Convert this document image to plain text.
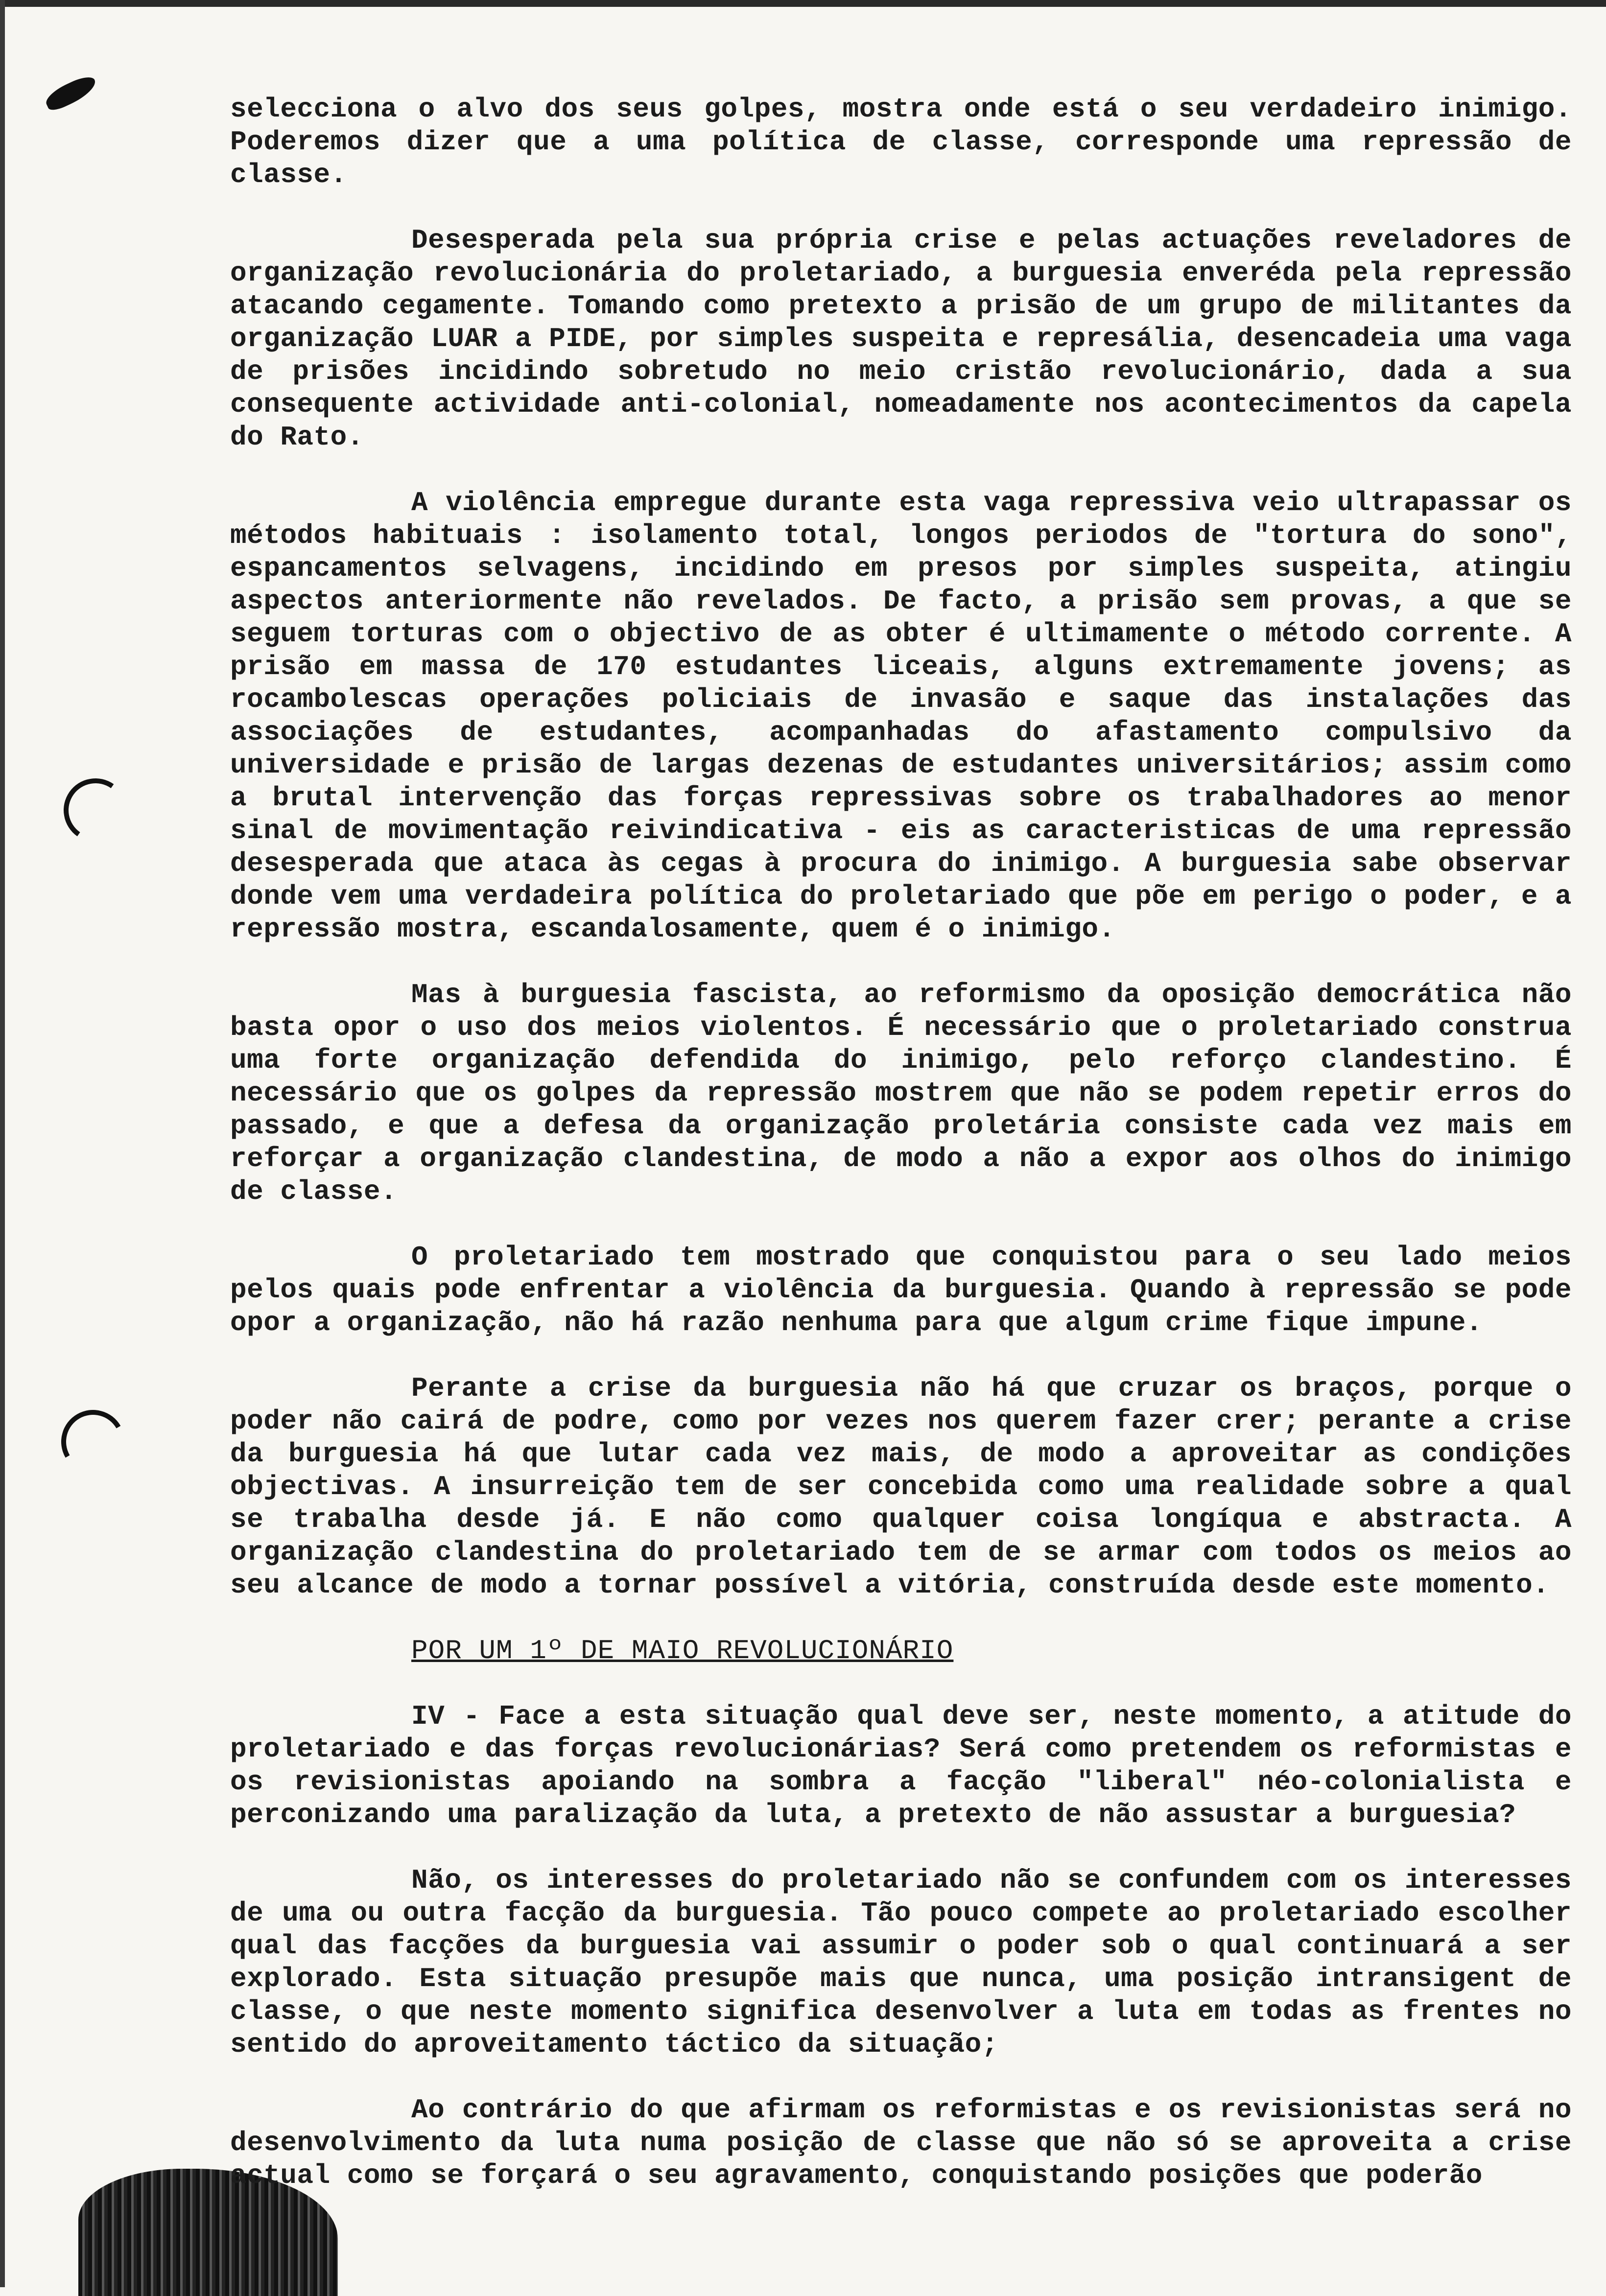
selecciona o alvo dos seus golpes, mostra onde está o seu verdadeiro inimigo. Poderemos dizer que a uma política de classe, corresponde uma repressão de classe.

Desesperada pela sua própria crise e pelas actuações reveladores de organização revolucionária do proletariado, a burguesia enveréda pela repressão atacando cegamente. Tomando como pretexto a prisão de um grupo de militantes da organização LUAR a PIDE, por simples suspeita e represália, desencadeia uma vaga de prisões incidindo sobretudo no meio cristão revolucionário, dada a sua consequente actividade anti-colonial, nomeadamente nos acontecimentos da capela do Rato.

A violência empregue durante esta vaga repressiva veio ultrapassar os métodos habituais : isolamento total, longos periodos de "tortura do sono", espancamentos selvagens, incidindo em presos por simples suspeita, atingiu aspectos anteriormente não revelados. De facto, a prisão sem provas, a que se seguem torturas com o objectivo de as obter é ultimamente o método corrente. A prisão em massa de 170 estudantes liceais, alguns extremamente jovens; as rocambolescas operações policiais de invasão e saque das instalações das associações de estudantes, acompanhadas do afastamento compulsivo da universidade e prisão de largas dezenas de estudantes universitários; assim como a brutal intervenção das forças repressivas sobre os trabalhadores ao menor sinal de movimentação reivindicativa - eis as caracteristicas de uma repressão desesperada que ataca às cegas à procura do inimigo. A burguesia sabe observar donde vem uma verdadeira política do proletariado que põe em perigo o poder, e a repressão mostra, escandalosamente, quem é o inimigo.

Mas à burguesia fascista, ao reformismo da oposição democrática não basta opor o uso dos meios violentos. É necessário que o proletariado construa uma forte organização defendida do inimigo, pelo reforço clandestino. É necessário que os golpes da repressão mostrem que não se podem repetir erros do passado, e que a defesa da organização proletária consiste cada vez mais em reforçar a organização clandestina, de modo a não a expor aos olhos do inimigo de classe.

O proletariado tem mostrado que conquistou para o seu lado meios pelos quais pode enfrentar a violência da burguesia. Quando à repressão se pode opor a organização, não há razão nenhuma para que algum crime fique impune.

Perante a crise da burguesia não há que cruzar os braços, porque o poder não cairá de podre, como por vezes nos querem fazer crer; perante a crise da burguesia há que lutar cada vez mais, de modo a aproveitar as condições objectivas. A insurreição tem de ser concebida como uma realidade sobre a qual se trabalha desde já. E não como qualquer coisa longíqua e abstracta. A organização clandestina do proletariado tem de se armar com todos os meios ao seu alcance de modo a tornar possível a vitória, construída desde este momento.

POR UM 1º DE MAIO REVOLUCIONÁRIO

IV - Face a esta situação qual deve ser, neste momento, a atitude do proletariado e das forças revolucionárias? Será como pretendem os reformistas e os revisionistas apoiando na sombra a facção "liberal" néo-colonialista e perconizando uma paralização da luta, a pretexto de não assustar a burguesia?

Não, os interesses do proletariado não se confundem com os interesses de uma ou outra facção da burguesia. Tão pouco compete ao proletariado escolher qual das facções da burguesia vai assumir o poder sob o qual continuará a ser explorado. Esta situação presupõe mais que nunca, uma posição intransigent de classe, o que neste momento significa desenvolver a luta em todas as frentes no sentido do aproveitamento táctico da situação;

Ao contrário do que afirmam os reformistas e os revisionistas será no desenvolvimento da luta numa posição de classe que não só se aproveita a crise actual como se forçará o seu agravamento, conquistando posições que poderão
